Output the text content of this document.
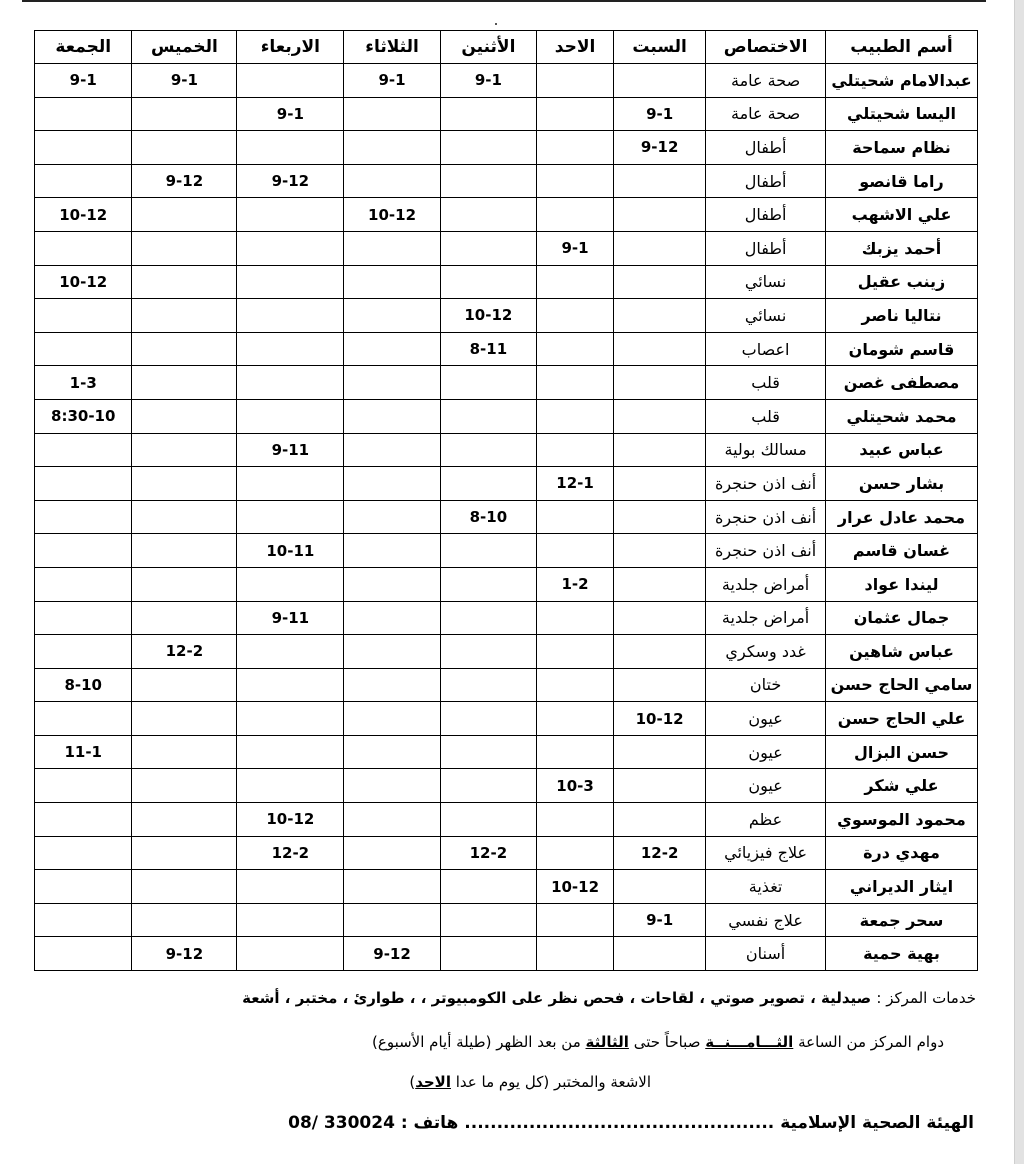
أسم الطبيب	الاختصاص	السبت	الاحد	الأثنين	الثلاثاء	الاربعاء	الخميس	الجمعة
عبدالامام شحيتلي	صحة عامة			9-1	9-1		9-1	9-1
اليسا شحيتلي	صحة عامة	9-1				9-1		
نظام سماحة	أطفال	9-12						
راما قانصو	أطفال					9-12	9-12	
علي الاشهب	أطفال				10-12			10-12
أحمد يزبك	أطفال		9-1					
زينب عقيل	نسائي							10-12
نتاليا ناصر	نسائي			10-12				
قاسم شومان	اعصاب			8-11				
مصطفى غصن	قلب							1-3
محمد شحيتلي	قلب							8:30-10
عباس عبيد	مسالك بولية					9-11		
بشار حسن	أنف اذن حنجرة		12-1					
محمد عادل عرار	أنف اذن حنجرة			8-10				
غسان قاسم	أنف اذن حنجرة					10-11		
ليندا عواد	أمراض جلدية		1-2					
جمال عثمان	أمراض جلدية					9-11		
عباس شاهين	غدد وسكري						12-2	
سامي الحاج حسن	ختان							8-10
علي الحاج حسن	عيون	10-12						
حسن البزال	عيون							11-1
علي شكر	عيون		10-3					
محمود الموسوي	عظم					10-12		
مهدي درة	علاج فيزيائي	12-2		12-2		12-2		
ايثار الديراني	تغذية		10-12					
سحر جمعة	علاج نفسي	9-1						
بهية حمية	أسنان				9-12		9-12	
خدمات المركز : صيدلية ، تصوير صوتي ، لقاحات ، فحص نظر على الكومبيوتر ، ، طوارئ ، مختبر ، أشعة
دوام المركز من الساعة الثـــامـــنــة صباحاً حتى الثالثة من بعد الظهر (طيلة أيام الأسبوع)
الاشعة والمختبر (كل يوم ما عدا الاحد)
الهيئة الصحية الإسلامية ................................................ هاتف : 08/ 330024
